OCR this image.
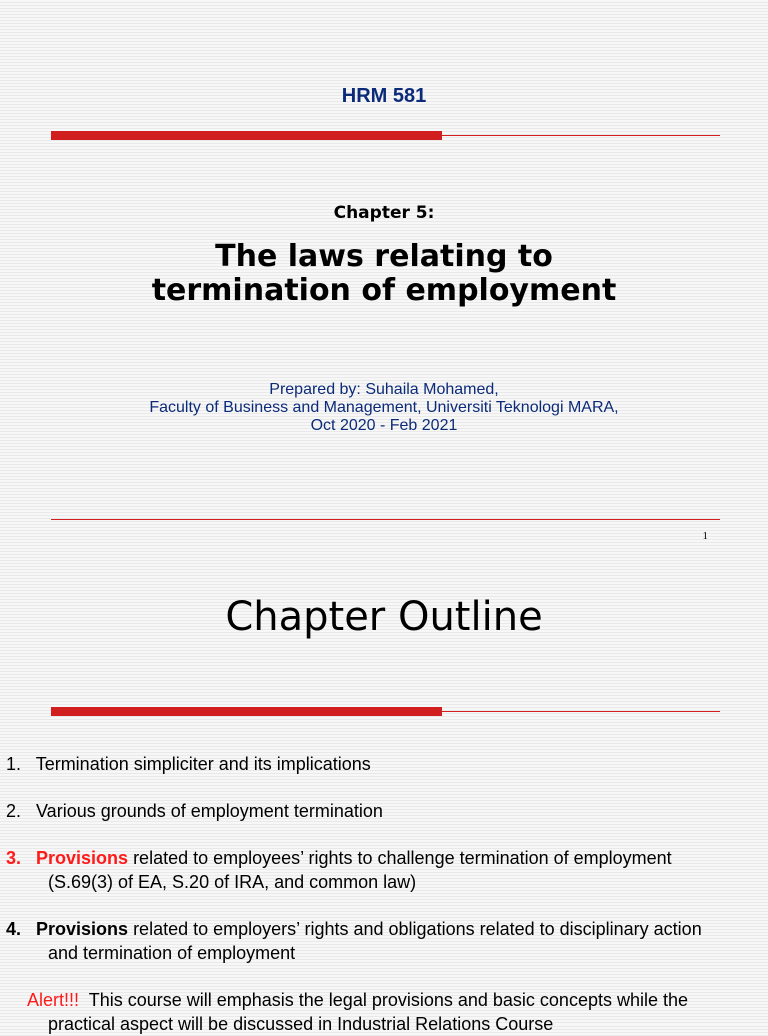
HRM 581
Chapter 5:
The laws relating to
termination of employment
Prepared by: Suhaila Mohamed,
Faculty of Business and Management, Universiti Teknologi MARA,
Oct 2020 - Feb 2021
1
Chapter Outline
1. Termination simpliciter and its implications
2. Various grounds of employment termination
3. Provisions related to employees’ rights to challenge termination of employment (S.69(3) of EA, S.20 of IRA, and common law)
4. Provisions related to employers’ rights and obligations related to disciplinary action and termination of employment
Alert!!! This course will emphasis the legal provisions and basic concepts while the practical aspect will be discussed in Industrial Relations Course
